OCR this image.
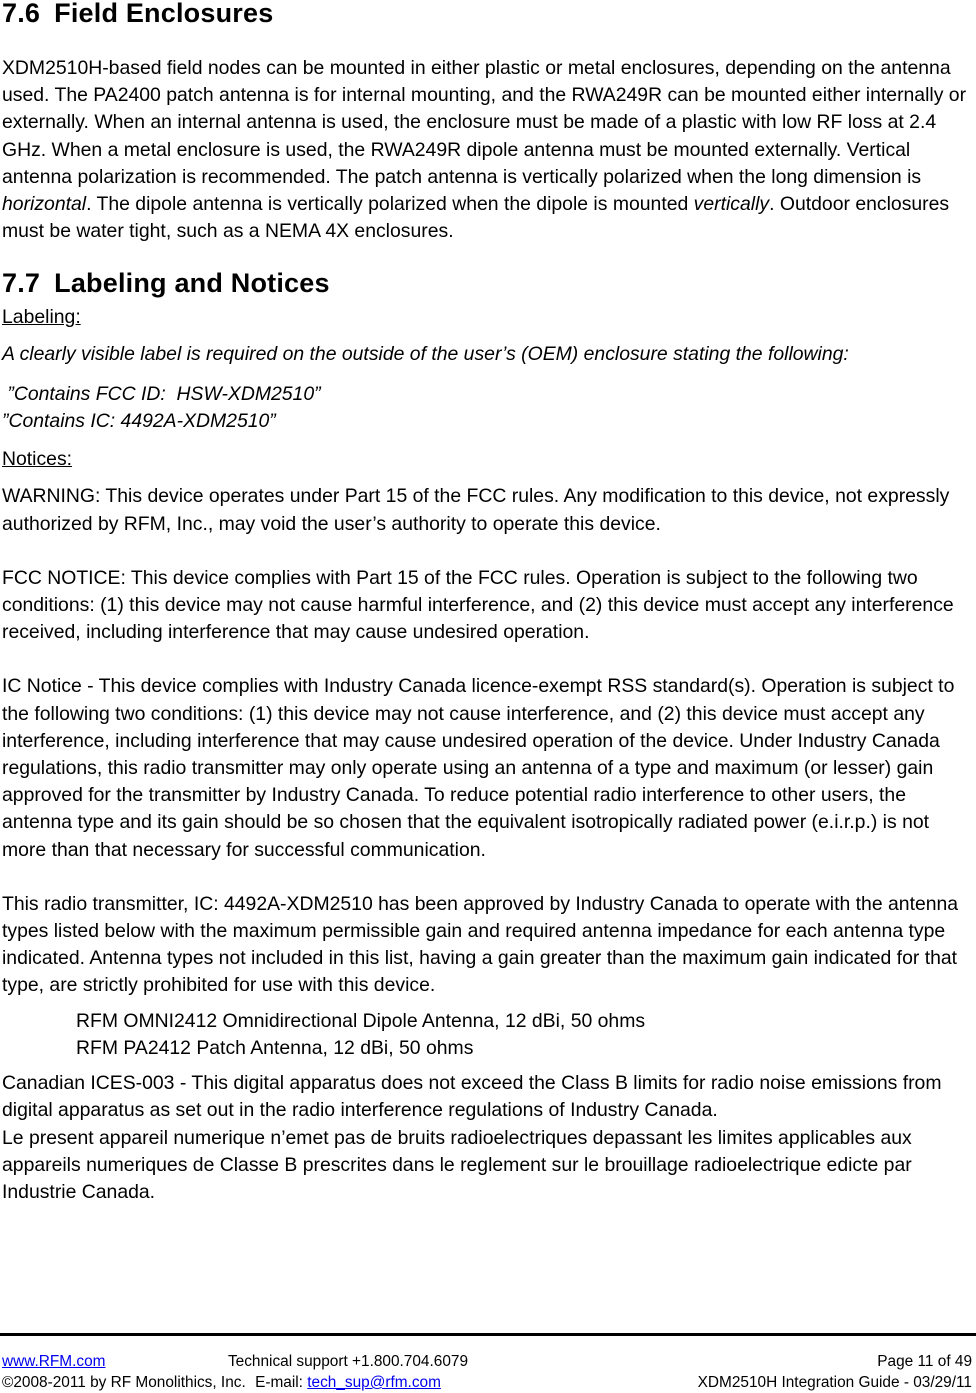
7.6 Field Enclosures

XDM2510H-based field nodes can be mounted in either plastic or metal enclosures, depending on the antenna used. The PA2400 patch antenna is for internal mounting, and the RWA249R can be mounted either internally or externally. When an internal antenna is used, the enclosure must be made of a plastic with low RF loss at 2.4 GHz. When a metal enclosure is used, the RWA249R dipole antenna must be mounted externally. Vertical antenna polarization is recommended. The patch antenna is vertically polarized when the long dimension is horizontal. The dipole antenna is vertically polarized when the dipole is mounted vertically. Outdoor enclosures must be water tight, such as a NEMA 4X enclosures.

7.7 Labeling and Notices

Labeling:

A clearly visible label is required on the outside of the user’s (OEM) enclosure stating the following:

”Contains FCC ID:  HSW-XDM2510”

”Contains IC: 4492A-XDM2510”

Notices:

WARNING: This device operates under Part 15 of the FCC rules. Any modification to this device, not expressly authorized by RFM, Inc., may void the user’s authority to operate this device.

FCC NOTICE: This device complies with Part 15 of the FCC rules. Operation is subject to the following two conditions: (1) this device may not cause harmful interference, and (2) this device must accept any interference received, including interference that may cause undesired operation.

IC Notice - This device complies with Industry Canada licence-exempt RSS standard(s). Operation is subject to the following two conditions: (1) this device may not cause interference, and (2) this device must accept any interference, including interference that may cause undesired operation of the device. Under Industry Canada regulations, this radio transmitter may only operate using an antenna of a type and maximum (or lesser) gain approved for the transmitter by Industry Canada. To reduce potential radio interference to other users, the antenna type and its gain should be so chosen that the equivalent isotropically radiated power (e.i.r.p.) is not more than that necessary for successful communication.

This radio transmitter, IC: 4492A-XDM2510 has been approved by Industry Canada to operate with the antenna types listed below with the maximum permissible gain and required antenna impedance for each antenna type indicated. Antenna types not included in this list, having a gain greater than the maximum gain indicated for that type, are strictly prohibited for use with this device.

RFM OMNI2412 Omnidirectional Dipole Antenna, 12 dBi, 50 ohms

RFM PA2412 Patch Antenna, 12 dBi, 50 ohms

Canadian ICES-003 - This digital apparatus does not exceed the Class B limits for radio noise emissions from digital apparatus as set out in the radio interference regulations of Industry Canada.

Le present appareil numerique n’emet pas de bruits radioelectriques depassant les limites applicables aux appareils numeriques de Classe B prescrites dans le reglement sur le brouillage radioelectrique edicte par Industrie Canada.

www.RFM.com	Technical support +1.800.704.6079	Page 11 of 49
©2008-2011 by RF Monolithics, Inc. E-mail: tech_sup@rfm.com	XDM2510H Integration Guide - 03/29/11
